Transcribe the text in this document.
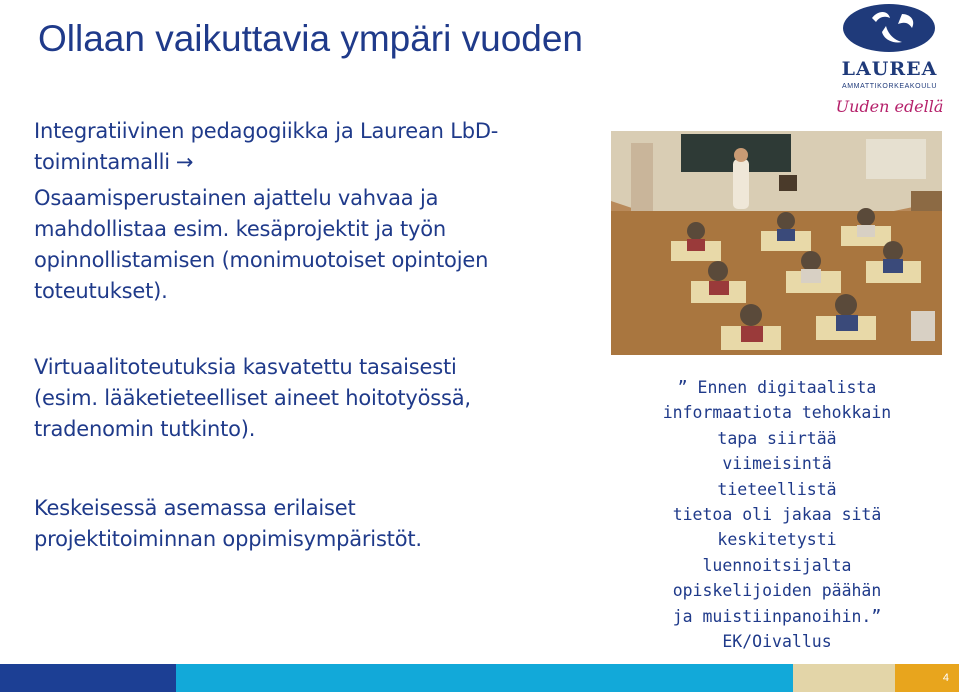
Ollaan vaikuttavia ympäri vuoden
Integratiivinen pedagogiikka ja Laurean LbD-
toimintamalli →
Osaamisperustainen ajattelu vahvaa ja
mahdollistaa esim. kesäprojektit ja työn
opinnollistamisen (monimuotoiset opintojen
toteutukset).
Virtuaalitoteutuksia kasvatettu tasaisesti
(esim. lääketieteelliset aineet hoitotyössä,
tradenomin tutkinto).
Keskeisessä asemassa erilaiset
projektitoiminnan oppimisympäristöt.
LAUREA
AMMATTIKORKEAKOULU
Uuden edellä
” Ennen digitaalista
informaatiota tehokkain
tapa siirtää
viimeisintä
tieteellistä
tietoa oli jakaa sitä
keskitetysti
luennoitsijalta
opiskelijoiden päähän
ja muistiinpanoihin.”
EK/Oivallus
4
